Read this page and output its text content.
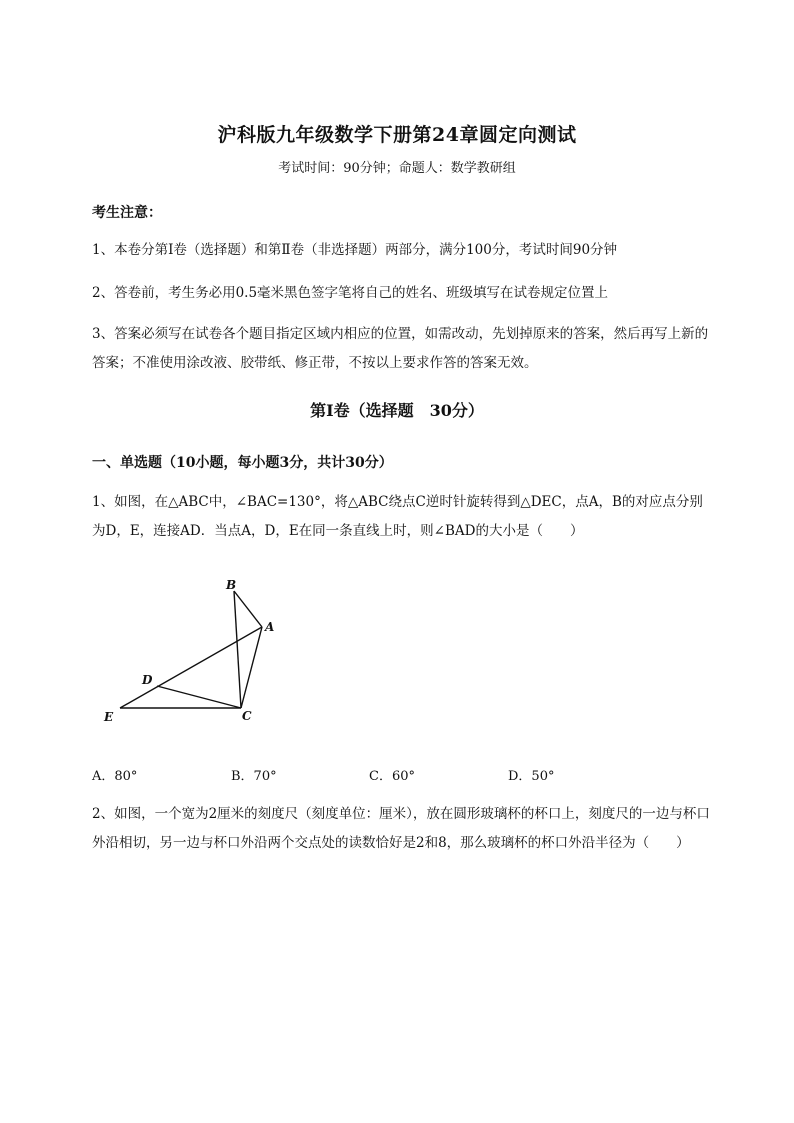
沪科版九年级数学下册第24章圆定向测试
考试时间：90分钟；命题人：数学教研组
考生注意：
1、本卷分第I卷（选择题）和第Ⅱ卷（非选择题）两部分，满分100分，考试时间90分钟
2、答卷前，考生务必用0.5毫米黑色签字笔将自己的姓名、班级填写在试卷规定位置上
3、答案必须写在试卷各个题目指定区域内相应的位置，如需改动，先划掉原来的答案，然后再写上新的答案；不准使用涂改液、胶带纸、修正带，不按以上要求作答的答案无效。
第I卷（选择题　30分）
一、单选题（10小题，每小题3分，共计30分）
1、如图，在△ABC中，∠BAC=130°，将△ABC绕点C逆时针旋转得到△DEC，点A，B的对应点分别为D，E，连接AD．当点A，D，E在同一条直线上时，则∠BAD的大小是（　　）
B
A
D
E	C
A．80°	B．70°	C．60°	D．50°
2、如图，一个宽为2厘米的刻度尺（刻度单位：厘米），放在圆形玻璃杯的杯口上，刻度尺的一边与杯口外沿相切，另一边与杯口外沿两个交点处的读数恰好是2和8，那么玻璃杯的杯口外沿半径为（　　）
